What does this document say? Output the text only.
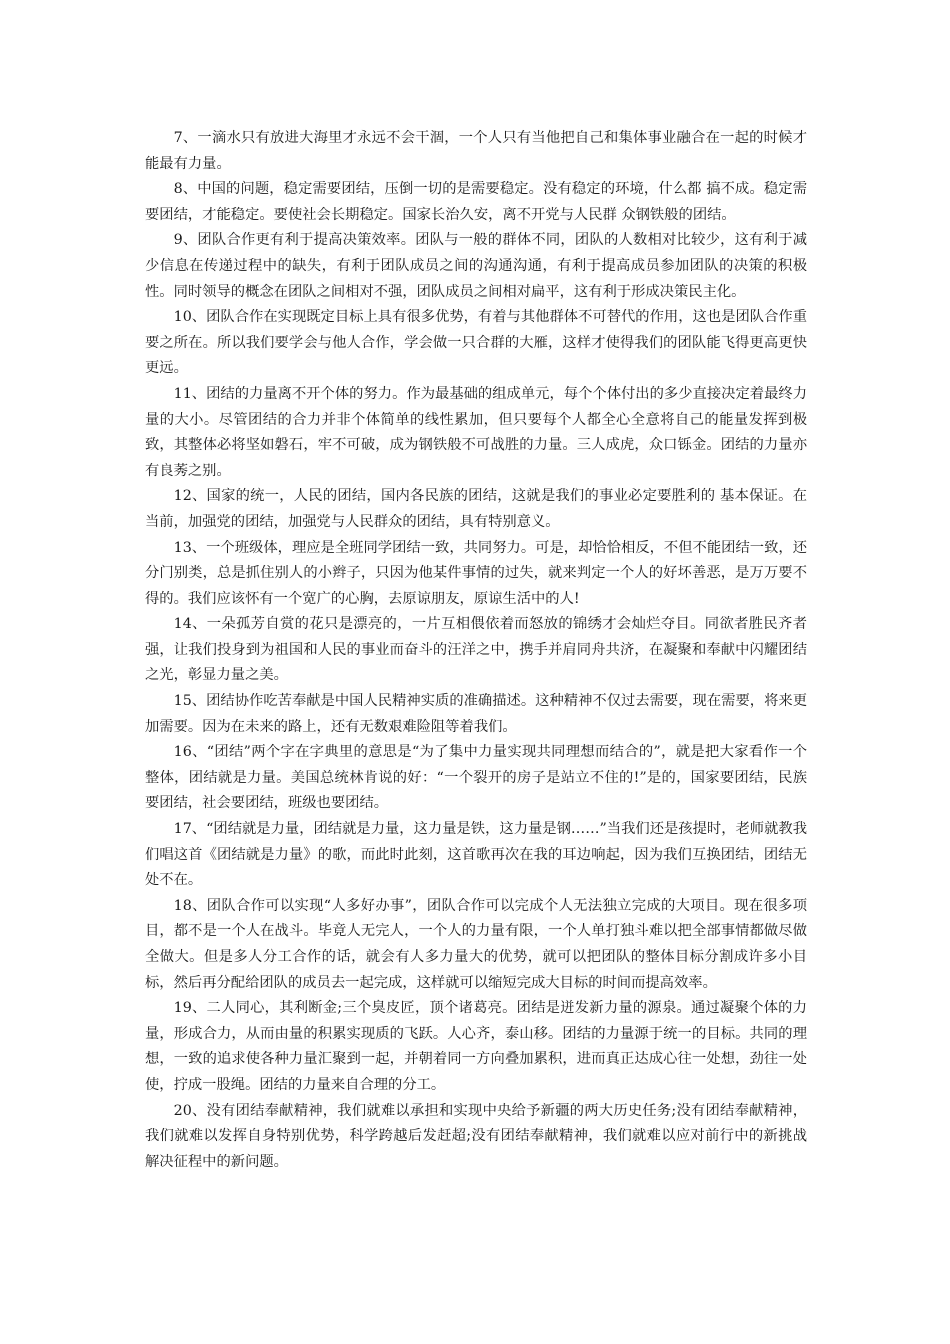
7、一滴水只有放进大海里才永远不会干涸，一个人只有当他把自己和集体事业融合在一起的时候才能最有力量。

8、中国的问题，稳定需要团结，压倒一切的是需要稳定。没有稳定的环境，什么都 搞不成。稳定需要团结，才能稳定。要使社会长期稳定。国家长治久安，离不开党与人民群 众钢铁般的团结。

9、团队合作更有利于提高决策效率。团队与一般的群体不同，团队的人数相对比较少，这有利于减少信息在传递过程中的缺失，有利于团队成员之间的沟通沟通，有利于提高成员参加团队的决策的积极性。同时领导的概念在团队之间相对不强，团队成员之间相对扁平，这有利于形成决策民主化。

10、团队合作在实现既定目标上具有很多优势，有着与其他群体不可替代的作用，这也是团队合作重要之所在。所以我们要学会与他人合作，学会做一只合群的大雁，这样才使得我们的团队能飞得更高更快更远。

11、团结的力量离不开个体的努力。作为最基础的组成单元，每个个体付出的多少直接决定着最终力量的大小。尽管团结的合力并非个体简单的线性累加，但只要每个人都全心全意将自己的能量发挥到极致，其整体必将坚如磐石，牢不可破，成为钢铁般不可战胜的力量。三人成虎，众口铄金。团结的力量亦有良莠之别。

12、国家的统一，人民的团结，国内各民族的团结，这就是我们的事业必定要胜利的 基本保证。在当前，加强党的团结，加强党与人民群众的团结，具有特别意义。

13、一个班级体，理应是全班同学团结一致，共同努力。可是，却恰恰相反，不但不能团结一致，还分门别类，总是抓住别人的小辫子，只因为他某件事情的过失，就来判定一个人的好坏善恶，是万万要不得的。我们应该怀有一个宽广的心胸，去原谅朋友，原谅生活中的人!

14、一朵孤芳自赏的花只是漂亮的，一片互相偎依着而怒放的锦绣才会灿烂夺目。同欲者胜民齐者强，让我们投身到为祖国和人民的事业而奋斗的汪洋之中，携手并肩同舟共济，在凝聚和奉献中闪耀团结之光，彰显力量之美。

15、团结协作吃苦奉献是中国人民精神实质的准确描述。这种精神不仅过去需要，现在需要，将来更加需要。因为在未来的路上，还有无数艰难险阻等着我们。

16、“团结”两个字在字典里的意思是“为了集中力量实现共同理想而结合的”，就是把大家看作一个整体，团结就是力量。美国总统林肯说的好：“一个裂开的房子是站立不住的!”是的，国家要团结，民族要团结，社会要团结，班级也要团结。

17、“团结就是力量，团结就是力量，这力量是铁，这力量是钢……”当我们还是孩提时，老师就教我们唱这首《团结就是力量》的歌，而此时此刻，这首歌再次在我的耳边响起，因为我们互换团结，团结无处不在。

18、团队合作可以实现“人多好办事”，团队合作可以完成个人无法独立完成的大项目。现在很多项目，都不是一个人在战斗。毕竟人无完人，一个人的力量有限，一个人单打独斗难以把全部事情都做尽做全做大。但是多人分工合作的话，就会有人多力量大的优势，就可以把团队的整体目标分割成许多小目标，然后再分配给团队的成员去一起完成，这样就可以缩短完成大目标的时间而提高效率。

19、二人同心，其利断金;三个臭皮匠，顶个诸葛亮。团结是迸发新力量的源泉。通过凝聚个体的力量，形成合力，从而由量的积累实现质的飞跃。人心齐，泰山移。团结的力量源于统一的目标。共同的理想，一致的追求使各种力量汇聚到一起，并朝着同一方向叠加累积，进而真正达成心往一处想，劲往一处使，拧成一股绳。团结的力量来自合理的分工。

20、没有团结奉献精神，我们就难以承担和实现中央给予新疆的两大历史任务;没有团结奉献精神，我们就难以发挥自身特别优势，科学跨越后发赶超;没有团结奉献精神，我们就难以应对前行中的新挑战解决征程中的新问题。
